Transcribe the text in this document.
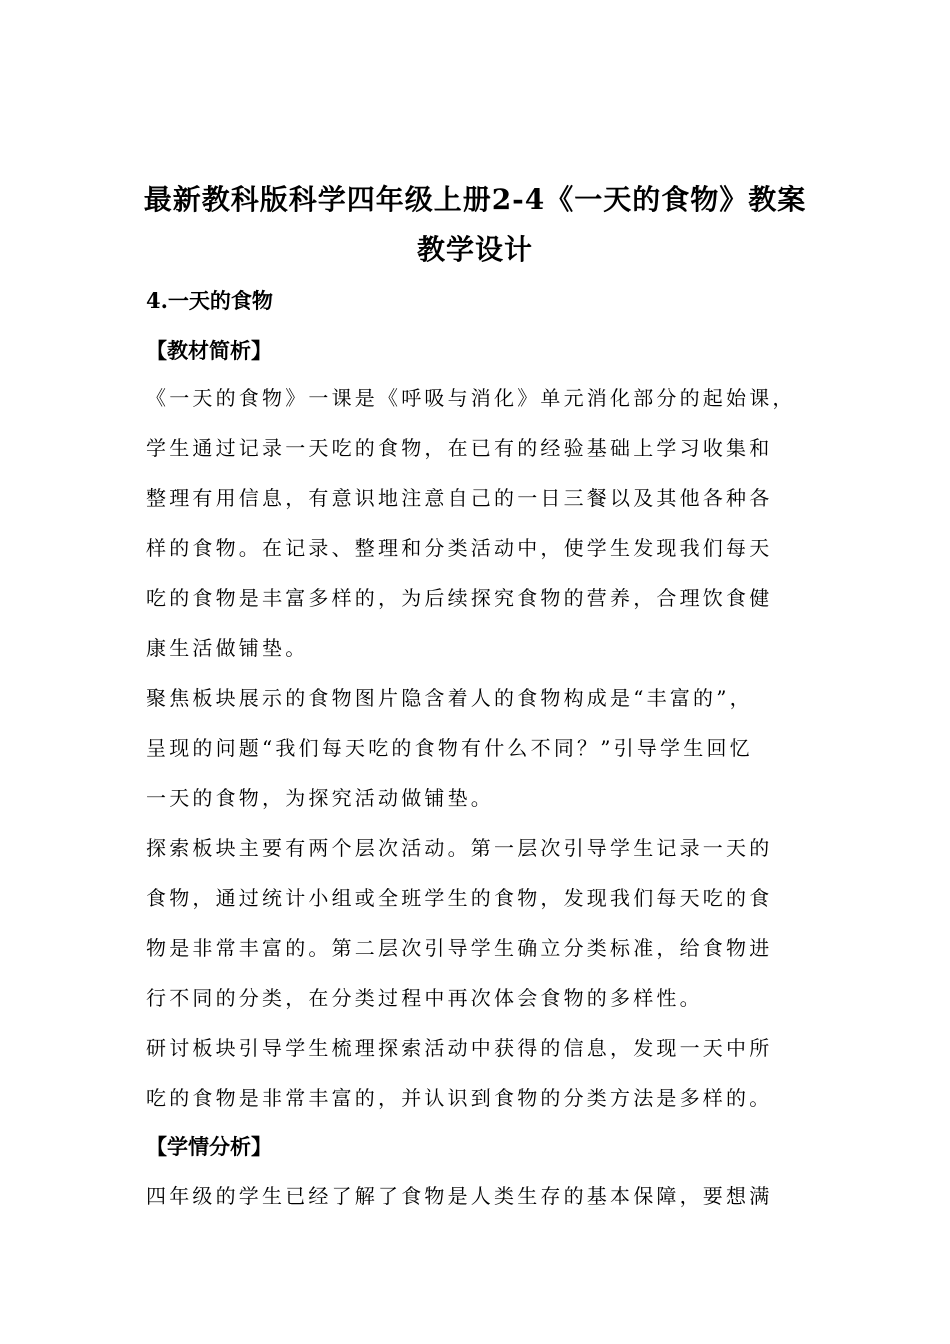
最新教科版科学四年级上册2-4《一天的食物》教案
教学设计
4.一天的食物
【教材简析】
《一天的食物》一课是《呼吸与消化》单元消化部分的起始课，
学生通过记录一天吃的食物，在已有的经验基础上学习收集和
整理有用信息，有意识地注意自己的一日三餐以及其他各种各
样的食物。在记录、整理和分类活动中，使学生发现我们每天
吃的食物是丰富多样的，为后续探究食物的营养，合理饮食健
康生活做铺垫。
聚焦板块展示的食物图片隐含着人的食物构成是“丰富的”，
呈现的问题“我们每天吃的食物有什么不同？”引导学生回忆
一天的食物，为探究活动做铺垫。
探索板块主要有两个层次活动。第一层次引导学生记录一天的
食物，通过统计小组或全班学生的食物，发现我们每天吃的食
物是非常丰富的。第二层次引导学生确立分类标准，给食物进
行不同的分类，在分类过程中再次体会食物的多样性。
研讨板块引导学生梳理探索活动中获得的信息，发现一天中所
吃的食物是非常丰富的，并认识到食物的分类方法是多样的。
【学情分析】
四年级的学生已经了解了食物是人类生存的基本保障，要想满
